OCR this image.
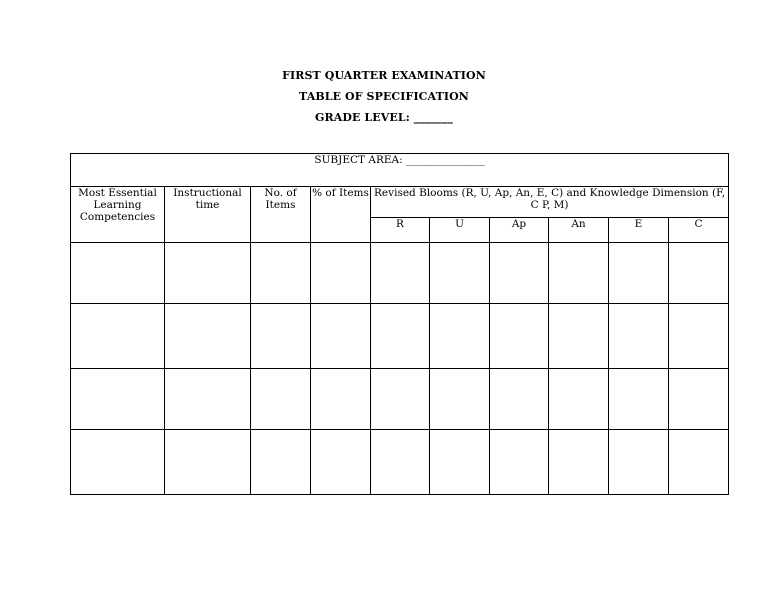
FIRST QUARTER EXAMINATION
TABLE OF SPECIFICATION
GRADE LEVEL: _______
SUBJECT AREA: _______________									
Most Essential Learning Competencies	Instructional time	No. of Items	% of Items	Revised Blooms (R, U, Ap, An, E, C) and Knowledge Dimension (F, C P, M)					
				R	U	Ap	An	E	C
